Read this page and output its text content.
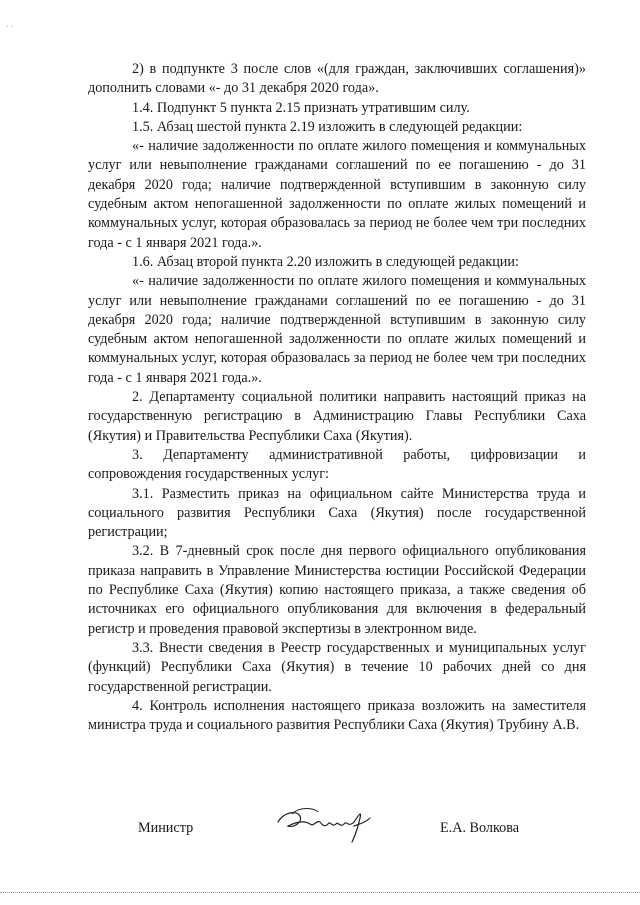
· ·

2) в подпункте 3 после слов «(для граждан, заключивших соглашения)» дополнить словами «- до 31 декабря 2020 года».

1.4. Подпункт 5 пункта 2.15 признать утратившим силу.

1.5. Абзац шестой пункта 2.19 изложить в следующей редакции:

«- наличие задолженности по оплате жилого помещения и коммунальных услуг или невыполнение гражданами соглашений по ее погашению - до 31 декабря 2020 года; наличие подтвержденной вступившим в законную силу судебным актом непогашенной задолженности по оплате жилых помещений и коммунальных услуг, которая образовалась за период не более чем три последних года - с 1 января 2021 года.».

1.6. Абзац второй пункта 2.20 изложить в следующей редакции:

«- наличие задолженности по оплате жилого помещения и коммунальных услуг или невыполнение гражданами соглашений по ее погашению - до 31 декабря 2020 года; наличие подтвержденной вступившим в законную силу судебным актом непогашенной задолженности по оплате жилых помещений и коммунальных услуг, которая образовалась за период не более чем три последних года - с 1 января 2021 года.».

2. Департаменту социальной политики направить настоящий приказ на государственную регистрацию в Администрацию Главы Республики Саха (Якутия) и Правительства Республики Саха (Якутия).

3. Департаменту административной работы, цифровизации и сопровождения государственных услуг:

3.1. Разместить приказ на официальном сайте Министерства труда и социального развития Республики Саха (Якутия) после государственной регистрации;

3.2. В 7-дневный срок после дня первого официального опубликования приказа направить в Управление Министерства юстиции Российской Федерации по Республике Саха (Якутия) копию настоящего приказа, а также сведения об источниках его официального опубликования для включения в федеральный регистр и проведения правовой экспертизы в электронном виде.

3.3. Внести сведения в Реестр государственных и муниципальных услуг (функций) Республики Саха (Якутия) в течение 10 рабочих дней со дня государственной регистрации.

4. Контроль исполнения настоящего приказа возложить на заместителя министра труда и социального развития Республики Саха (Якутия) Трубину А.В.

Министр	Е.А. Волкова
